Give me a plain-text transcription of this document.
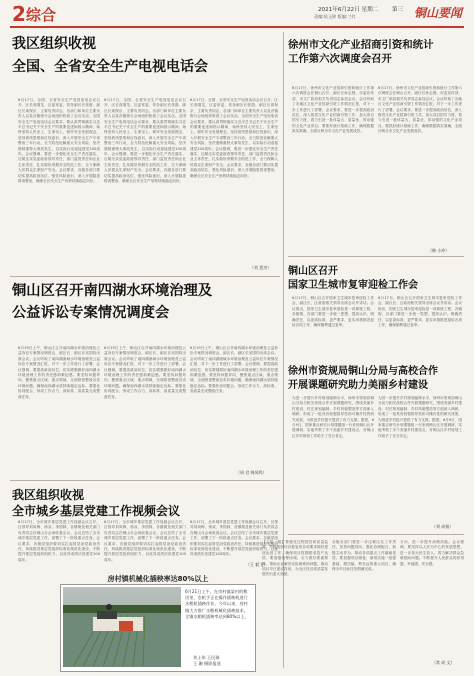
2 综合	2021年6月22日 星期二
责编:侯玉婷 版编:兰红
第三 铜山要闻
我区组织收视
全国、全省安全生产电视电话会
6月17日，全国、全省安全生产电视电话会议召开，区长高继龙，区委常委、常务副区长张蔚，副区长周保京，主要负责同志，各部门和单位主要负责人以及各镇街分会场组织收看了会议实况。全国安全生产电视电话会议要求，要认真贯彻落实习近平总书记关于安全生产的重要论述和指示精神，始终坚持人民至上、生命至上，树牢安全发展理念，坚持底线思维和红线意识，深入开展安全生产专项整治三年行动，全力防范化解重大安全风险，坚决遏制重特大事故发生，以实际行动迎接建党100周年。会议强调，要进一步强化安全生产责任落实，压紧压实党委政府领导责任、部门监管责任和企业主体责任，扎实做好汛期安全防范工作，全力保障人民群众生命财产安全。会议要求，各级各部门要切实提高政治站位，强化风险意识，深入开展隐患排查整治，确保全区安全生产形势持续稳定向好。
6月17日，全国、全省安全生产电视电话会议召开，区长高继龙，区委常委、常务副区长张蔚，副区长周保京，主要负责同志，各部门和单位主要负责人以及各镇街分会场组织收看了会议实况。全国安全生产电视电话会议要求，要认真贯彻落实习近平总书记关于安全生产的重要论述和指示精神，始终坚持人民至上、生命至上，树牢安全发展理念，坚持底线思维和红线意识，深入开展安全生产专项整治三年行动，全力防范化解重大安全风险，坚决遏制重特大事故发生，以实际行动迎接建党100周年。会议强调，要进一步强化安全生产责任落实，压紧压实党委政府领导责任、部门监管责任和企业主体责任，扎实做好汛期安全防范工作，全力保障人民群众生命财产安全。会议要求，各级各部门要切实提高政治站位，强化风险意识，深入开展隐患排查整治，确保全区安全生产形势持续稳定向好。
6月17日，全国、全省安全生产电视电话会议召开，区长高继龙，区委常委、常务副区长张蔚，副区长周保京，主要负责同志，各部门和单位主要负责人以及各镇街分会场组织收看了会议实况。全国安全生产电视电话会议要求，要认真贯彻落实习近平总书记关于安全生产的重要论述和指示精神，始终坚持人民至上、生命至上，树牢安全发展理念，坚持底线思维和红线意识，深入开展安全生产专项整治三年行动，全力防范化解重大安全风险，坚决遏制重特大事故发生，以实际行动迎接建党100周年。会议强调，要进一步强化安全生产责任落实，压紧压实党委政府领导责任、部门监管责任和企业主体责任，扎实做好汛期安全防范工作，全力保障人民群众生命财产安全。会议要求，各级各部门要切实提高政治站位，强化风险意识，深入开展隐患排查整治，确保全区安全生产形势持续稳定向好。
（刘 恩杰）
铜山区召开南四湖水环境治理及
公益诉讼专案情况调度会
6月19日上午，铜山区召开南四湖水环境治理及公益诉讼专案情况调度会，副区长、副区长吴国钧出席会议。会议听取了南四湖流域水环境治理及公益诉讼专案情况汇报，对下一步工作进行了部署。会议强调，要提高政治站位，切实增强做好南四湖水环境治理工作的责任感和紧迫感。要坚持问题导向，聚焦重点区域、重点领域，全面排查整改各类环境问题，确保南四湖水质持续稳定达标。要强化协同配合，形成工作合力，高标准、高质量完成整改任务。
6月19日上午，铜山区召开南四湖水环境治理及公益诉讼专案情况调度会，副区长、副区长吴国钧出席会议。会议听取了南四湖流域水环境治理及公益诉讼专案情况汇报，对下一步工作进行了部署。会议强调，要提高政治站位，切实增强做好南四湖水环境治理工作的责任感和紧迫感。要坚持问题导向，聚焦重点区域、重点领域，全面排查整改各类环境问题，确保南四湖水质持续稳定达标。要强化协同配合，形成工作合力，高标准、高质量完成整改任务。
6月19日上午，铜山区召开南四湖水环境治理及公益诉讼专案情况调度会，副区长、副区长吴国钧出席会议。会议听取了南四湖流域水环境治理及公益诉讼专案情况汇报，对下一步工作进行了部署。会议强调，要提高政治站位，切实增强做好南四湖水环境治理工作的责任感和紧迫感。要坚持问题导向，聚焦重点区域、重点领域，全面排查整改各类环境问题，确保南四湖水质持续稳定达标。要强化协同配合，形成工作合力，高标准、高质量完成整改任务。
（周 君 韩凤鸣）
我区组织收视
全市城乡基层党建工作视频会议
6月17日，全市城乡基层党建工作视频会议召开，区领导刘凤梅、徐双、李国林，各镇街及相关部门负责同志在铜山分会场收看会议。会议总结了全市城乡基层党建工作，部署了下一阶段重点任务。会议要求，各级党组织要切实扛起管党治党政治责任，持续推进基层党组织标准化规范化建设，不断提升基层党组织组织力，以优异成绩庆祝建党100周年。
6月17日，全市城乡基层党建工作视频会议召开，区领导刘凤梅、徐双、李国林，各镇街及相关部门负责同志在铜山分会场收看会议。会议总结了全市城乡基层党建工作，部署了下一阶段重点任务。会议要求，各级党组织要切实扛起管党治党政治责任，持续推进基层党组织标准化规范化建设，不断提升基层党组织组织力，以优异成绩庆祝建党100周年。
6月17日，全市城乡基层党建工作视频会议召开，区领导刘凤梅、徐双、李国林，各镇街及相关部门负责同志在铜山分会场收看会议。会议总结了全市城乡基层党建工作，部署了下一阶段重点任务。会议要求，各级党组织要切实扛起管党治党政治责任，持续推进基层党组织标准化规范化建设，不断提升基层党组织组织力，以优异成绩庆祝建党100周年。
（王 毅飞）
房村镇机械化插秧率达80%以上
6月21日上午，在房村镇某村的稻田里，农机手正在操作插秧机进行水稻机插秧作业。今年以来，房村镇大力推广水稻机械化插秧技术，全镇水稻机插秧率达到80%以上。
刘士伟 王民瑞
王 珊 摄影报道
徐州市文化产业招商引资和统计
工作第六次调度会召开
6月17日，徐州市文化产业招商引资和统计工作第六次调度会在铜山召开，副区长孙志强，市委宣传部、市文广旅局相关负责同志参加会议。会议听取了各地区文化产业招商引资工作情况汇报，对下一步工作进行了部署。会议要求，要进一步提高政治站位，深入推进文化产业招商引资工作，加大项目招引力度，着力引进一批体量大、质量优、带动强的文化产业项目。要抓好统计基础工作，确保数据真实准确，全面反映全市文化产业发展成效。
6月17日，徐州市文化产业招商引资和统计工作第六次调度会在铜山召开，副区长孙志强，市委宣传部、市文广旅局相关负责同志参加会议。会议听取了各地区文化产业招商引资工作情况汇报，对下一步工作进行了部署。会议要求，要进一步提高政治站位，深入推进文化产业招商引资工作，加大项目招引力度，着力引进一批体量大、质量优、带动强的文化产业项目。要抓好统计基础工作，确保数据真实准确，全面反映全市文化产业发展成效。
（韩 小冲）
铜山区召开
国家卫生城市复审迎检工作会
6月17日，铜山区召开国家卫生城市复审迎检工作会，副区长、区政府相关领导出席会议并讲话。会议指出，国家卫生城市复审迎检是一项系统工程，各镇街、各部门要进一步统一思想，提高认识，明确责任，以更高标准、更严要求、更实举措推进迎检各项工作，确保顺利通过复审。
6月17日，铜山区召开国家卫生城市复审迎检工作会，副区长、区政府相关领导出席会议并讲话。会议指出，国家卫生城市复审迎检是一项系统工程，各镇街、各部门要进一步统一思想，提高认识，明确责任，以更高标准、更严要求、更实举措推进迎检各项工作，确保顺利通过复审。
徐州市资规局铜山分局与高校合作
开展课题研究助力美丽乡村建设
为进一步提升乡村规划编制水平，徐州市资规局铜山分局与相关高校合作开展课题研究，围绕美丽乡村建设、村庄规划编制、乡村风貌塑造等方面深入调研，形成了一批具有较强指导性和可操作性的研究成果，为推进乡村振兴提供了有力支撑。据悉，6月9日，国家重点研究计划课题组一行来到铜山区开展调研，实地考察了多个美丽乡村建设点，对铜山区乡村规划工作给予了充分肯定。
为进一步提升乡村规划编制水平，徐州市资规局铜山分局与相关高校合作开展课题研究，围绕美丽乡村建设、村庄规划编制、乡村风貌塑造等方面深入调研，形成了一批具有较强指导性和可操作性的研究成果，为推进乡村振兴提供了有力支撑。据悉，6月9日，国家重点研究计划课题组一行来到铜山区开展调研，实地考察了多个美丽乡村建设点，对铜山区乡村规划工作给予了充分肯定。
（刘 成杨）
【上接一版】要强化过程管控和质量监管，严格按照环评批复的各项要求做好建设运营工作，确保项目按期建成投产达效。要加强统筹协调，全力做好要素保障，帮助企业解决实际困难和问题，推动项目早日建成投用，为全区经济高质量发展作出更大贡献。
各级各部门要进一步压紧压实工作责任，坚持问题导向，强化协调配合，积极主动作为，推动各项重点工作落地见效。要加强项目储备，谋划实施一批强基础、增功能、利长远的重大项目，确保全年目标任务圆满完成。
方向，进一步提升治理效能。会议强调，要坚持以人民为中心的发展思想，进一步加大民生投入，着力解决群众急难愁盼问题，不断提升人民群众的获得感、幸福感、安全感。
（常 成 文）
